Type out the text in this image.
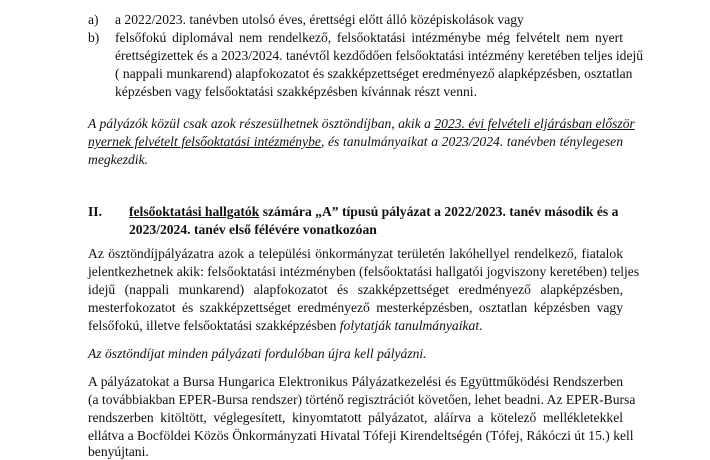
a) a 2022/2023. tanévben utolsó éves, érettségi előtt álló középiskolások vagy
b) felsőfokú diplomával nem rendelkező, felsőoktatási intézménybe még felvételt nem nyert
érettségizettek és a 2023/2024. tanévtől kezdődően felsőoktatási intézmény keretében teljes idejű
( nappali munkarend) alapfokozatot és szakképzettséget eredményező alapképzésben, osztatlan
képzésben vagy felsőoktatási szakképzésben kívánnak részt venni.
A pályázók közül csak azok részesülhetnek ösztöndíjban, akik a 2023. évi felvételi eljárásban először
nyernek felvételt felsőoktatási intézménybe, és tanulmányaikat a 2023/2024. tanévben ténylegesen
megkezdik.
II. felsőoktatási hallgatók számára „A” típusú pályázat a 2022/2023. tanév második és a
2023/2024. tanév első félévére vonatkozóan
Az ösztöndíjpályázatra azok a települési önkormányzat területén lakóhellyel rendelkező, fiatalok
jelentkezhetnek akik: felsőoktatási intézményben (felsőoktatási hallgatói jogviszony keretében) teljes
idejű (nappali munkarend) alapfokozatot és szakképzettséget eredményező alapképzésben,
mesterfokozatot és szakképzettséget eredményező mesterképzésben, osztatlan képzésben vagy
felsőfokú, illetve felsőoktatási szakképzésben folytatják tanulmányaikat.
Az ösztöndíjat minden pályázati fordulóban újra kell pályázni.
A pályázatokat a Bursa Hungarica Elektronikus Pályázatkezelési és Együttműködési Rendszerben
(a továbbiakban EPER-Bursa rendszer) történő regisztrációt követően, lehet beadni. Az EPER-Bursa
rendszerben kitöltött, véglegesített, kinyomtatott pályázatot, aláírva a kötelező mellékletekkel
ellátva a Bocföldei Közös Önkormányzati Hivatal Tófeji Kirendeltségén (Tófej, Rákóczi út 15.) kell
benyújtani.
